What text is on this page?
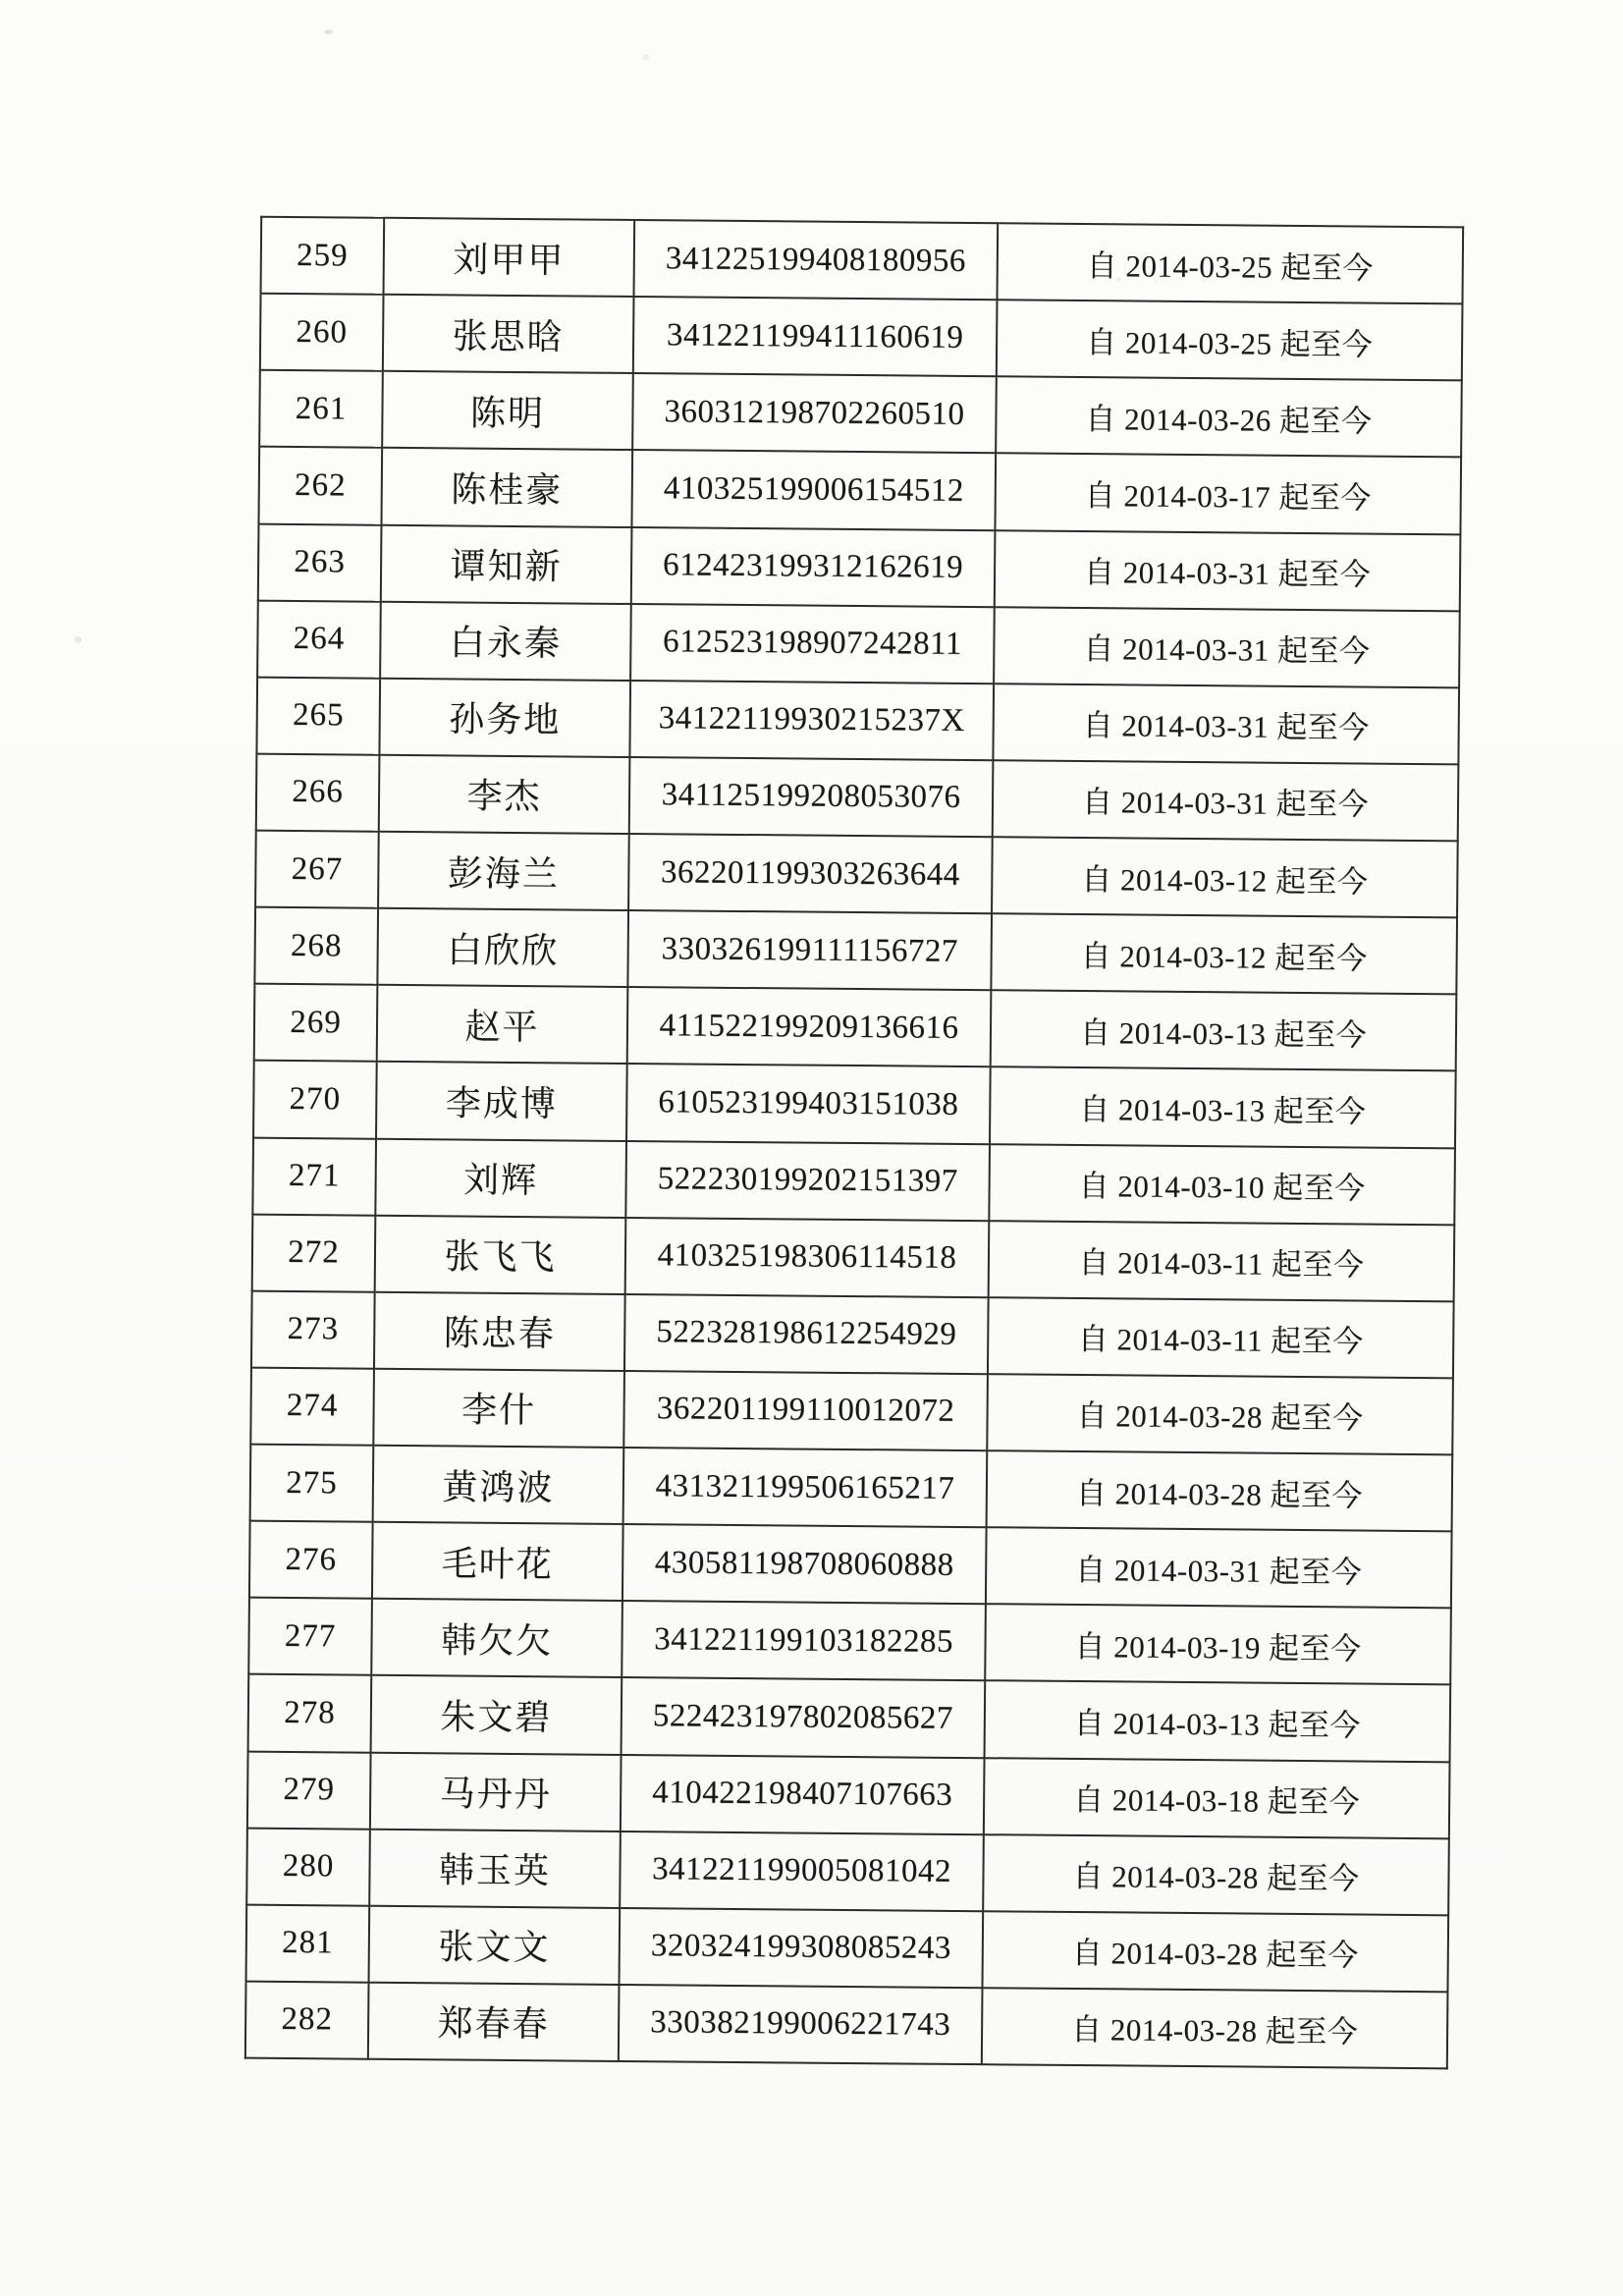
259	刘甲甲	341225199408180956	自 2014-03-25 起至今
260	张思晗	341221199411160619	自 2014-03-25 起至今
261	陈明	360312198702260510	自 2014-03-26 起至今
262	陈桂豪	410325199006154512	自 2014-03-17 起至今
263	谭知新	612423199312162619	自 2014-03-31 起至今
264	白永秦	612523198907242811	自 2014-03-31 起至今
265	孙务地	34122119930215237X	自 2014-03-31 起至今
266	李杰	341125199208053076	自 2014-03-31 起至今
267	彭海兰	362201199303263644	自 2014-03-12 起至今
268	白欣欣	330326199111156727	自 2014-03-12 起至今
269	赵平	411522199209136616	自 2014-03-13 起至今
270	李成博	610523199403151038	自 2014-03-13 起至今
271	刘辉	522230199202151397	自 2014-03-10 起至今
272	张飞飞	410325198306114518	自 2014-03-11 起至今
273	陈忠春	522328198612254929	自 2014-03-11 起至今
274	李什	362201199110012072	自 2014-03-28 起至今
275	黄鸿波	431321199506165217	自 2014-03-28 起至今
276	毛叶花	430581198708060888	自 2014-03-31 起至今
277	韩欠欠	341221199103182285	自 2014-03-19 起至今
278	朱文碧	522423197802085627	自 2014-03-13 起至今
279	马丹丹	410422198407107663	自 2014-03-18 起至今
280	韩玉英	341221199005081042	自 2014-03-28 起至今
281	张文文	320324199308085243	自 2014-03-28 起至今
282	郑春春	330382199006221743	自 2014-03-28 起至今
